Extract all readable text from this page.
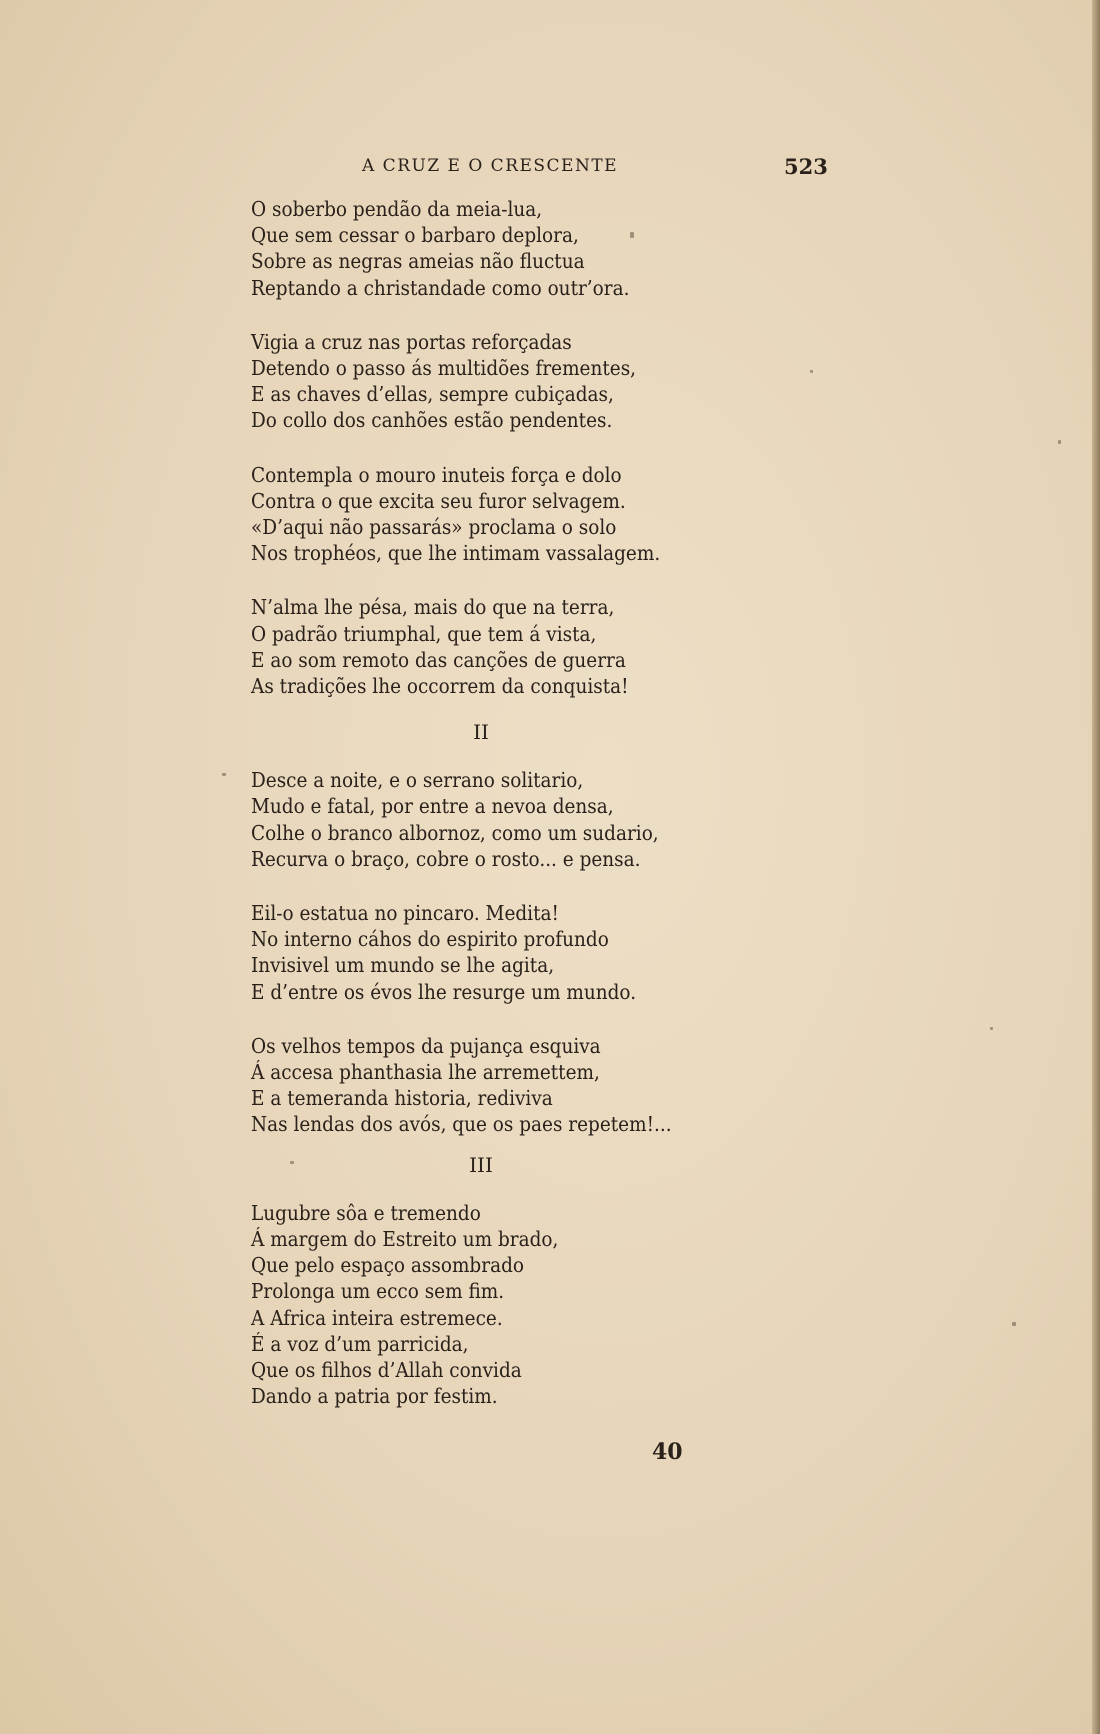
A CRUZ E O CRESCENTE	523
O soberbo pendão da meia-lua,
Que sem cessar o barbaro deplora,
Sobre as negras ameias não fluctua
Reptando a christandade como outr’ora.
Vigia a cruz nas portas reforçadas
Detendo o passo ás multidões frementes,
E as chaves d’ellas, sempre cubiçadas,
Do collo dos canhões estão pendentes.
Contempla o mouro inuteis força e dolo
Contra o que excita seu furor selvagem.
«D’aqui não passarás» proclama o solo
Nos trophéos, que lhe intimam vassalagem.
N’alma lhe pésa, mais do que na terra,
O padrão triumphal, que tem á vista,
E ao som remoto das canções de guerra
As tradições lhe occorrem da conquista!
II
Desce a noite, e o serrano solitario,
Mudo e fatal, por entre a nevoa densa,
Colhe o branco albornoz, como um sudario,
Recurva o braço, cobre o rosto... e pensa.
Eil-o estatua no pincaro. Medita!
No interno cáhos do espirito profundo
Invisivel um mundo se lhe agita,
E d’entre os évos lhe resurge um mundo.
Os velhos tempos da pujança esquiva
Á accesa phanthasia lhe arremettem,
E a temeranda historia, rediviva
Nas lendas dos avós, que os paes repetem!...
III
Lugubre sôa e tremendo
Á margem do Estreito um brado,
Que pelo espaço assombrado
Prolonga um ecco sem fim.
A Africa inteira estremece.
É a voz d’um parricida,
Que os filhos d’Allah convida
Dando a patria por festim.
40
